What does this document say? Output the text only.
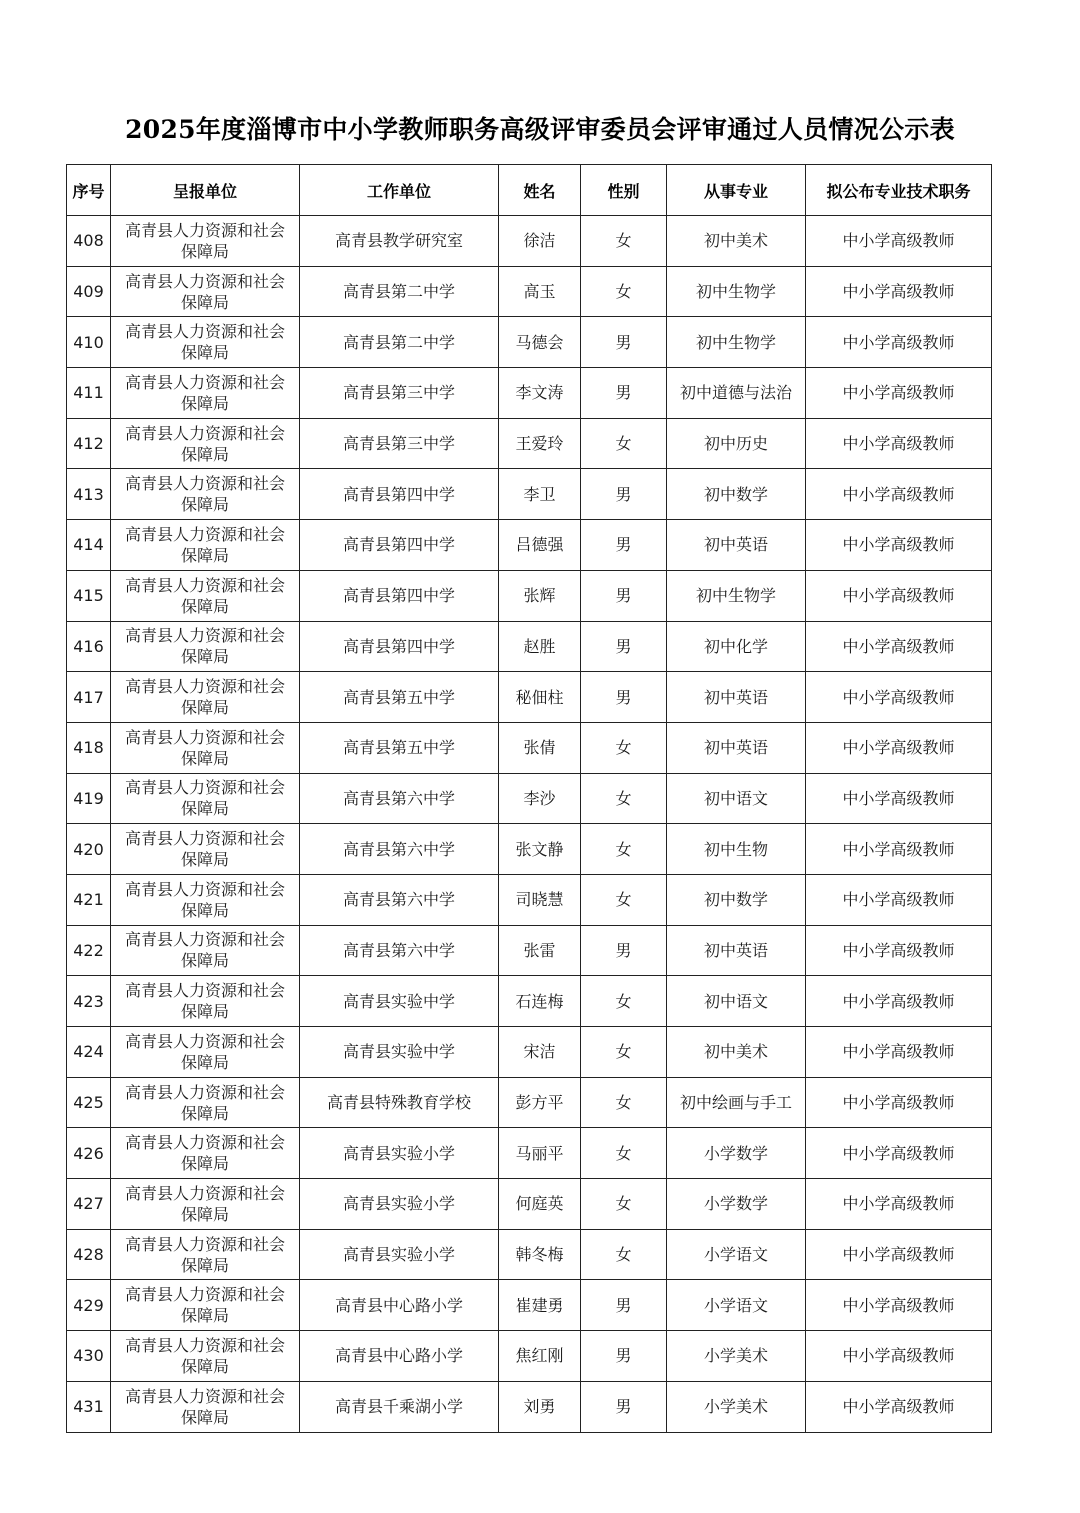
2025年度淄博市中小学教师职务高级评审委员会评审通过人员情况公示表
序号	呈报单位	工作单位	姓名	性别	从事专业	拟公布专业技术职务
408	高青县人力资源和社会
保障局	高青县教学研究室	徐洁	女	初中美术	中小学高级教师
409	高青县人力资源和社会
保障局	高青县第二中学	高玉	女	初中生物学	中小学高级教师
410	高青县人力资源和社会
保障局	高青县第二中学	马德会	男	初中生物学	中小学高级教师
411	高青县人力资源和社会
保障局	高青县第三中学	李文涛	男	初中道德与法治	中小学高级教师
412	高青县人力资源和社会
保障局	高青县第三中学	王爱玲	女	初中历史	中小学高级教师
413	高青县人力资源和社会
保障局	高青县第四中学	李卫	男	初中数学	中小学高级教师
414	高青县人力资源和社会
保障局	高青县第四中学	吕德强	男	初中英语	中小学高级教师
415	高青县人力资源和社会
保障局	高青县第四中学	张辉	男	初中生物学	中小学高级教师
416	高青县人力资源和社会
保障局	高青县第四中学	赵胜	男	初中化学	中小学高级教师
417	高青县人力资源和社会
保障局	高青县第五中学	秘佃柱	男	初中英语	中小学高级教师
418	高青县人力资源和社会
保障局	高青县第五中学	张倩	女	初中英语	中小学高级教师
419	高青县人力资源和社会
保障局	高青县第六中学	李沙	女	初中语文	中小学高级教师
420	高青县人力资源和社会
保障局	高青县第六中学	张文静	女	初中生物	中小学高级教师
421	高青县人力资源和社会
保障局	高青县第六中学	司晓慧	女	初中数学	中小学高级教师
422	高青县人力资源和社会
保障局	高青县第六中学	张雷	男	初中英语	中小学高级教师
423	高青县人力资源和社会
保障局	高青县实验中学	石连梅	女	初中语文	中小学高级教师
424	高青县人力资源和社会
保障局	高青县实验中学	宋洁	女	初中美术	中小学高级教师
425	高青县人力资源和社会
保障局	高青县特殊教育学校	彭方平	女	初中绘画与手工	中小学高级教师
426	高青县人力资源和社会
保障局	高青县实验小学	马丽平	女	小学数学	中小学高级教师
427	高青县人力资源和社会
保障局	高青县实验小学	何庭英	女	小学数学	中小学高级教师
428	高青县人力资源和社会
保障局	高青县实验小学	韩冬梅	女	小学语文	中小学高级教师
429	高青县人力资源和社会
保障局	高青县中心路小学	崔建勇	男	小学语文	中小学高级教师
430	高青县人力资源和社会
保障局	高青县中心路小学	焦红刚	男	小学美术	中小学高级教师
431	高青县人力资源和社会
保障局	高青县千乘湖小学	刘勇	男	小学美术	中小学高级教师
